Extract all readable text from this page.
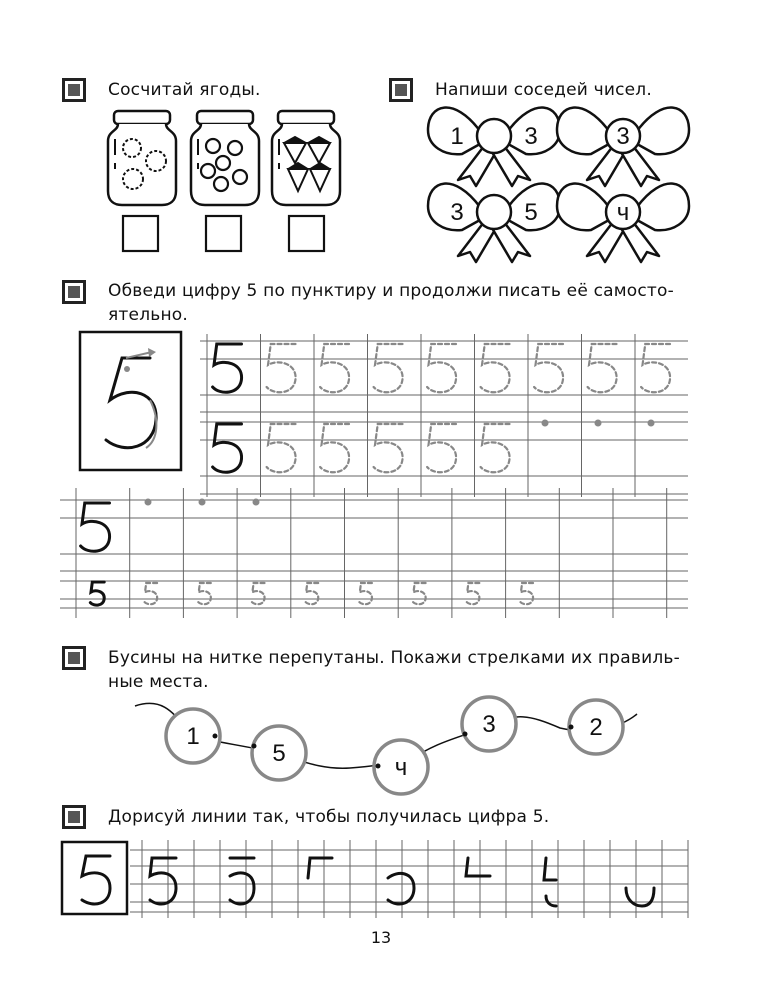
Сосчитай ягоды.	Напиши соседей чисел.
Обведи цифру 5 по пунктиру и продолжи писать её самосто-
ятельно.
Бусины на нитке перепутаны. Покажи стрелками их правиль-
ные места.
Дорисуй линии так, чтобы получилась цифра 5.
13
1	3	3
3	5	ч
1
5
ч
3	2
